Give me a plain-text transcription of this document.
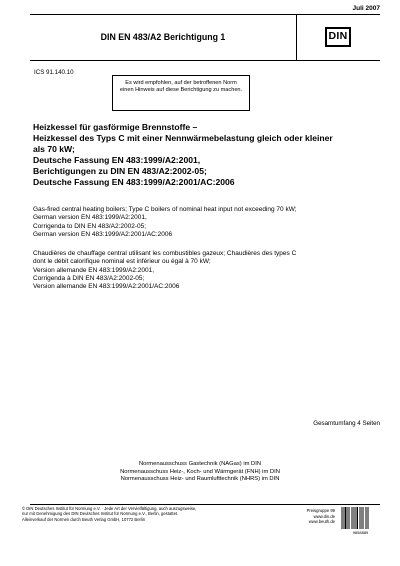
Juli 2007
DIN EN 483/A2 Berichtigung 1	DIN
ICS 91.140.10
Es wird empfohlen, auf der betroffenen Norm einen Hinweis auf diese Berichtigung zu machen.
Heizkessel für gasförmige Brennstoffe –
Heizkessel des Typs C mit einer Nennwärmebelastung gleich oder kleiner
als 70 kW;
Deutsche Fassung EN 483:1999/A2:2001,
Berichtigungen zu DIN EN 483/A2:2002-05;
Deutsche Fassung EN 483:1999/A2:2001/AC:2006
Gas-fired central heating boilers; Type C boilers of nominal heat input not exceeding 70 kW;
German version EN 483:1999/A2:2001,
Corrigenda to DIN EN 483/A2:2002-05;
German version EN 483:1999/A2:2001/AC:2006
Chaudières de chauffage central utilisant les combustibles gazeux; Chaudières des types C
dont le débit calorifique nominal est inférieur ou égal à 70 kW;
Version allemande EN 483:1999/A2:2001,
Corrigenda à DIN EN 483/A2:2002-05;
Version allemande EN 483:1999/A2:2001/AC:2006
Gesamtumfang 4 Seiten
Normenausschuss Gastechnik (NAGas) im DIN
Normenausschuss Heiz-, Koch- und Wärmgerät (FNH) im DIN
Normenausschuss Heiz- und Raumlufttechnik (NHRS) im DIN
© DIN Deutsches Institut für Normung e.V. · Jede Art der Vervielfältigung, auch auszugsweise,
nur mit Genehmigung des DIN Deutsches Institut für Normung e.V., Berlin, gestattet.
Alleinverkauf der Normen durch Beuth Verlag GmbH, 10772 Berlin
Preisgruppe 99
www.din.de
www.beuth.de
9858889
